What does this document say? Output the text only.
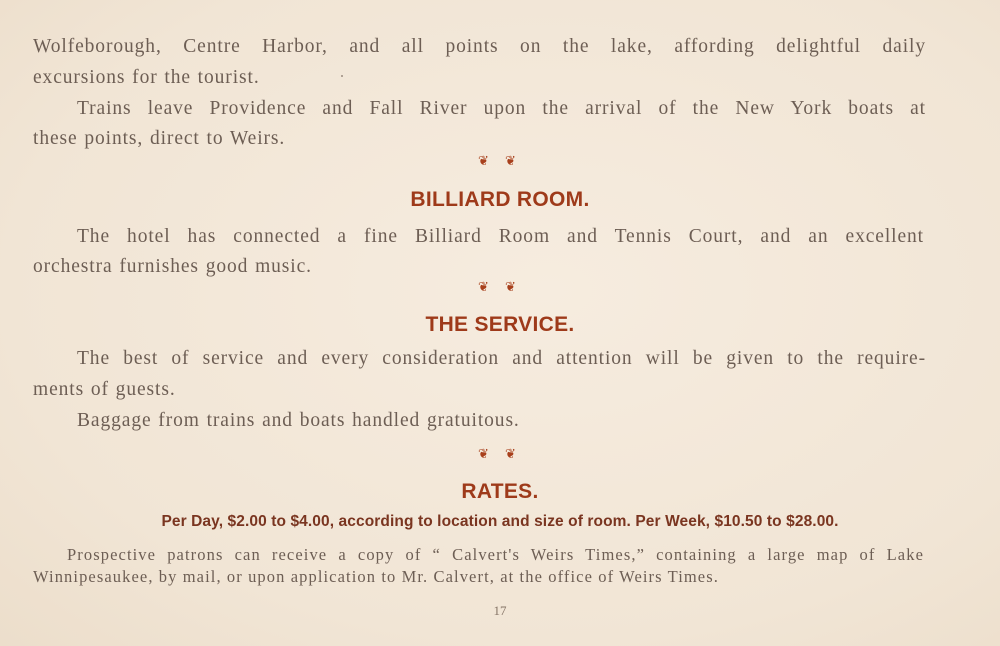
Wolfeborough, Centre Harbor, and all points on the lake, affording delightful daily
excursions for the tourist.
Trains leave Providence and Fall River upon the arrival of the New York boats at
these points, direct to Weirs.
❦ ❦
BILLIARD ROOM.
The hotel has connected a fine Billiard Room and Tennis Court, and an excellent
orchestra furnishes good music.
❦ ❦
THE SERVICE.
The best of service and every consideration and attention will be given to the require-
ments of guests.
Baggage from trains and boats handled gratuitous.
❦ ❦
RATES.
Per Day, $2.00 to $4.00, according to location and size of room. Per Week, $10.50 to $28.00.
Prospective patrons can receive a copy of “ Calvert's Weirs Times,” containing a large map of Lake
Winnipesaukee, by mail, or upon application to Mr. Calvert, at the office of Weirs Times.
17
